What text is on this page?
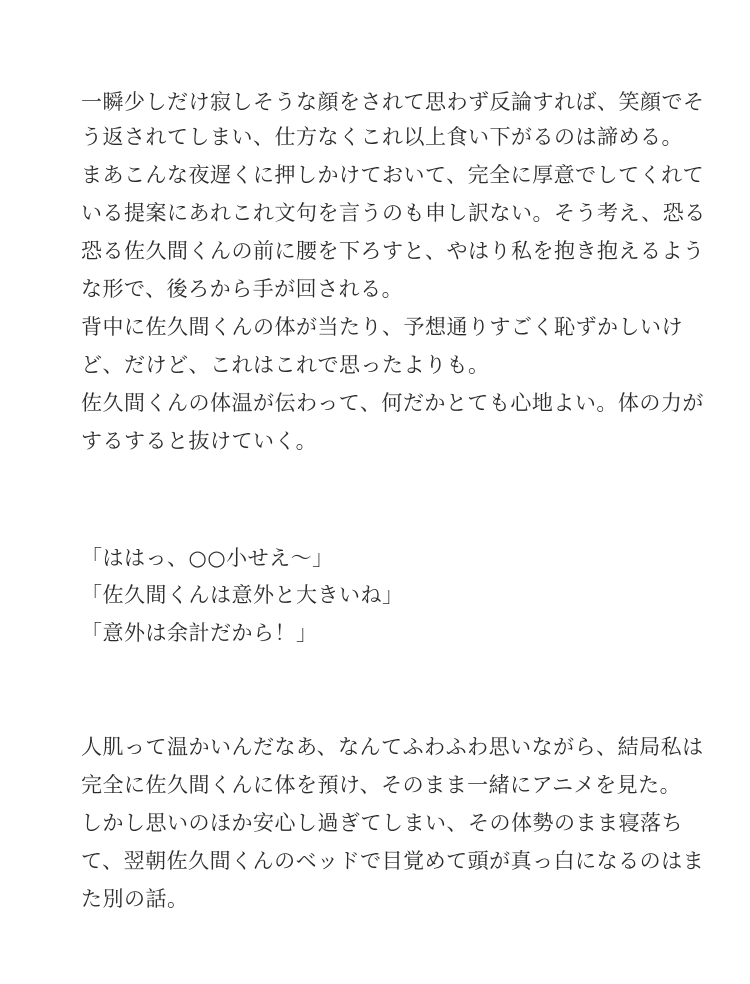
一瞬少しだけ寂しそうな顔をされて思わず反論すれば、笑顔でそ
う返されてしまい、仕方なくこれ以上食い下がるのは諦める。
まあこんな夜遅くに押しかけておいて、完全に厚意でしてくれて
いる提案にあれこれ文句を言うのも申し訳ない。そう考え、恐る
恐る佐久間くんの前に腰を下ろすと、やはり私を抱き抱えるよう
な形で、後ろから手が回される。
背中に佐久間くんの体が当たり、予想通りすごく恥ずかしいけ
ど、だけど、これはこれで思ったよりも。
佐久間くんの体温が伝わって、何だかとても心地よい。体の力が
するすると抜けていく。
「ははっ、○○小せえ〜」
「佐久間くんは意外と大きいね」
「意外は余計だから！」
人肌って温かいんだなあ、なんてふわふわ思いながら、結局私は
完全に佐久間くんに体を預け、そのまま一緒にアニメを見た。
しかし思いのほか安心し過ぎてしまい、その体勢のまま寝落ち
て、翌朝佐久間くんのベッドで目覚めて頭が真っ白になるのはま
た別の話。
